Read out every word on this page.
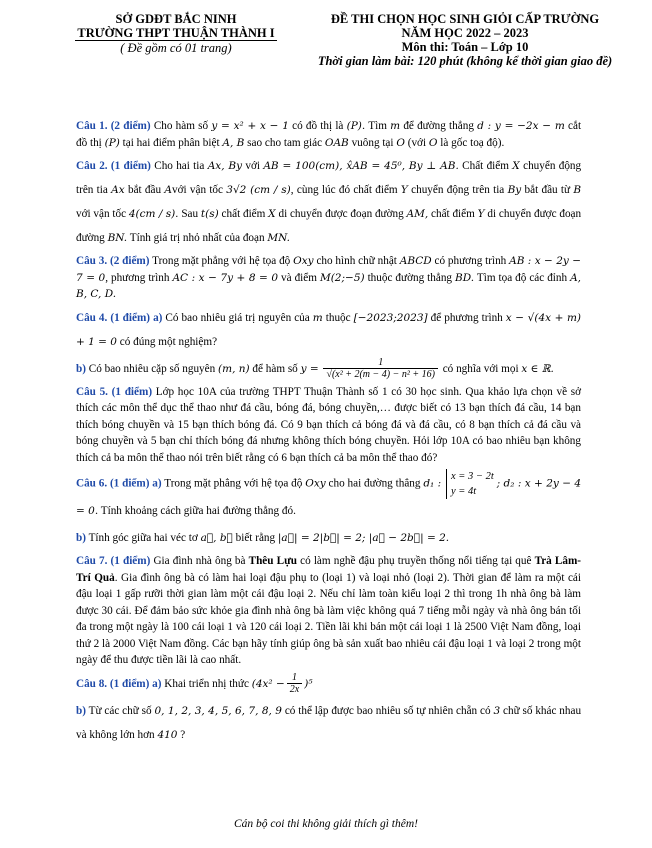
SỞ GDĐT BẮC NINH
TRƯỜNG THPT THUẬN THÀNH I
( Đề gồm có 01 trang)
ĐỀ THI CHỌN HỌC SINH GIỎI CẤP TRƯỜNG
NĂM HỌC 2022 – 2023
Môn thi: Toán – Lớp 10
Thời gian làm bài: 120 phút (không kể thời gian giao đề)

Câu 1. (2 điểm) Cho hàm số y = x² + x − 1 có đồ thị là (P). Tìm m để đường thẳng d : y = −2x − m cắt đồ thị (P) tại hai điểm phân biệt A, B sao cho tam giác OAB vuông tại O (với O là gốc toạ độ).

Câu 2. (1 điểm) Cho hai tia Ax, By với AB = 100(cm), x̂AB = 45⁰, By ⊥ AB. Chất điểm X chuyển động trên tia Ax bắt đầu Avới vận tốc 3√2 (cm / s), cùng lúc đó chất điểm Y chuyển động trên tia By bắt đầu từ B với vận tốc 4(cm / s). Sau t(s) chất điểm X di chuyển được đoạn đường AM, chất điểm Y di chuyển được đoạn đường BN. Tính giá trị nhỏ nhất của đoạn MN.

Câu 3. (2 điểm) Trong mặt phẳng với hệ tọa độ Oxy cho hình chữ nhật ABCD có phương trình AB : x − 2y − 7 = 0, phương trình AC : x − 7y + 8 = 0 và điểm M(2;−5) thuộc đường thẳng BD. Tìm tọa độ các đỉnh A, B, C, D.

Câu 4. (1 điểm) a) Có bao nhiêu giá trị nguyên của m thuộc [−2023;2023] để phương trình x − √(4x + m) + 1 = 0 có đúng một nghiệm?

b) Có bao nhiêu cặp số nguyên (m, n) để hàm số $y = \frac{1}{\text{√(x² + 2(m − 4) − n² + 16)}}$ có nghĩa với mọi x ∈ ℝ.

Câu 5. (1 điểm) Lớp học 10A của trường THPT Thuận Thành số 1 có 30 học sinh. Qua khảo lựa chọn về sở thích các môn thể dục thể thao như đá cầu, bóng đá, bóng chuyền,… được biết có 13 bạn thích đá cầu, 14 bạn thích bóng chuyền và 15 bạn thích bóng đá. Có 9 bạn thích cả bóng đá và đá cầu, có 8 bạn thích cả đá cầu và bóng chuyền và 5 bạn chỉ thích bóng đá nhưng không thích bóng chuyền. Hỏi lớp 10A có bao nhiêu bạn không thích cả ba môn thể thao nói trên biết rằng có 6 bạn thích cả ba môn thể thao đó?

Câu 6. (1 điểm) a) Trong mặt phẳng với hệ tọa độ Oxy cho hai đường thẳng d₁ :
x = 3 − 2t
y = 4t
; d₂ : x + 2y − 4 = 0. Tính khoảng cách giữa hai đường thẳng đó.

b) Tính góc giữa hai véc tơ a⃗, b⃗ biết rằng |a⃗| = 2|b⃗| = 2; |a⃗ − 2b⃗| = 2.

Câu 7. (1 điểm) Gia đình nhà ông bà Thêu Lựu có làm nghề đậu phụ truyền thống nổi tiếng tại quê Trà Lâm- Trí Quả. Gia đình ông bà có làm hai loại đậu phụ to (loại 1) và loại nhỏ (loại 2). Thời gian để làm ra một cái đậu loại 1 gấp rưỡi thời gian làm một cái đậu loại 2. Nếu chỉ làm toàn kiểu loại 2 thì trong 1h nhà ông bà làm được 30 cái. Để đảm bảo sức khỏe gia đình nhà ông bà làm việc không quá 7 tiếng mỗi ngày và nhà ông bán tối đa trong một ngày là 100 cái loại 1 và 120 cái loại 2. Tiền lãi khi bán một cái loại 1 là 2500 Việt Nam đồng, loại thứ 2 là 2000 Việt Nam đồng. Các bạn hãy tính giúp ông bà sản xuất bao nhiêu cái đậu loại 1 và loại 2 trong một ngày để thu được tiền lãi là cao nhất.

Câu 8. (1 điểm) a) Khai triển nhị thức $(4x^2 - \frac{1}{2x} )^5$

b) Từ các chữ số 0, 1, 2, 3, 4, 5, 6, 7, 8, 9 có thể lập được bao nhiêu số tự nhiên chẵn có 3 chữ số khác nhau và không lớn hơn 410 ?

Cán bộ coi thi không giải thích gì thêm!
